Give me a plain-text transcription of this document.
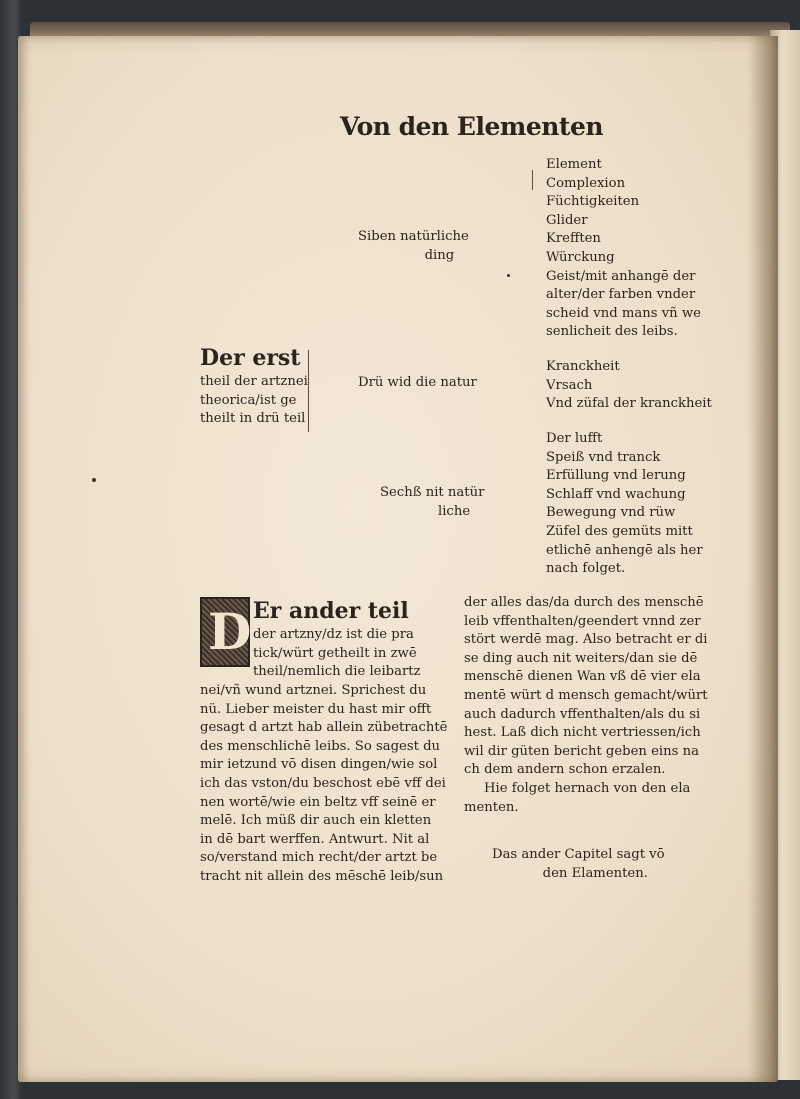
Von den Elementen
Der erst
theil der artznei
theorica/ist ge
theilt in drü teil
Siben natürliche
ding
Element
Complexion
Füchtigkeiten
Glider
Krefften
Würckung
Geist/mit anhangē der
alter/der farben vnder
scheid vnd mans vñ we
senlicheit des leibs.
Drü wid die natur
Kranckheit
Vrsach
Vnd züfal der kranckheit
Sechß nit natür
liche
Der lufft
Speiß vnd tranck
Erfüllung vnd lerung
Schlaff vnd wachung
Bewegung vnd rüw
Züfel des gemüts mitt
etlichē anhengē als her
nach folget.
D Er ander teil
der artzny/dz ist die pra
tick/würt getheilt in zwē
theil/nemlich die leibartz
nei/vñ wund artznei. Sprichest du
nü. Lieber meister du hast mir offt
gesagt d artzt hab allein zübetrachtē
des menschlichē leibs. So sagest du
mir ietzund vō disen dingen/wie sol
ich das vston/du beschost ebē vff dei
nen wortē/wie ein beltz vff seinē er
melē. Ich müß dir auch ein kletten
in dē bart werffen. Antwurt. Nit al
so/verstand mich recht/der artzt be
tracht nit allein des mēschē leib/sun
der alles das/da durch des menschē
leib vffenthalten/geendert vnnd zer
stört werdē mag. Also betracht er di
se ding auch nit weiters/dan sie dē
menschē dienen Wan vß dē vier ela
mentē würt d mensch gemacht/würt
auch dadurch vffenthalten/als du si
hest. Laß dich nicht vertriessen/ich
wil dir güten bericht geben eins na
ch dem andern schon erzalen.
Hie folget hernach von den ela
menten.
Das ander Capitel sagt vō
den Elamenten.
